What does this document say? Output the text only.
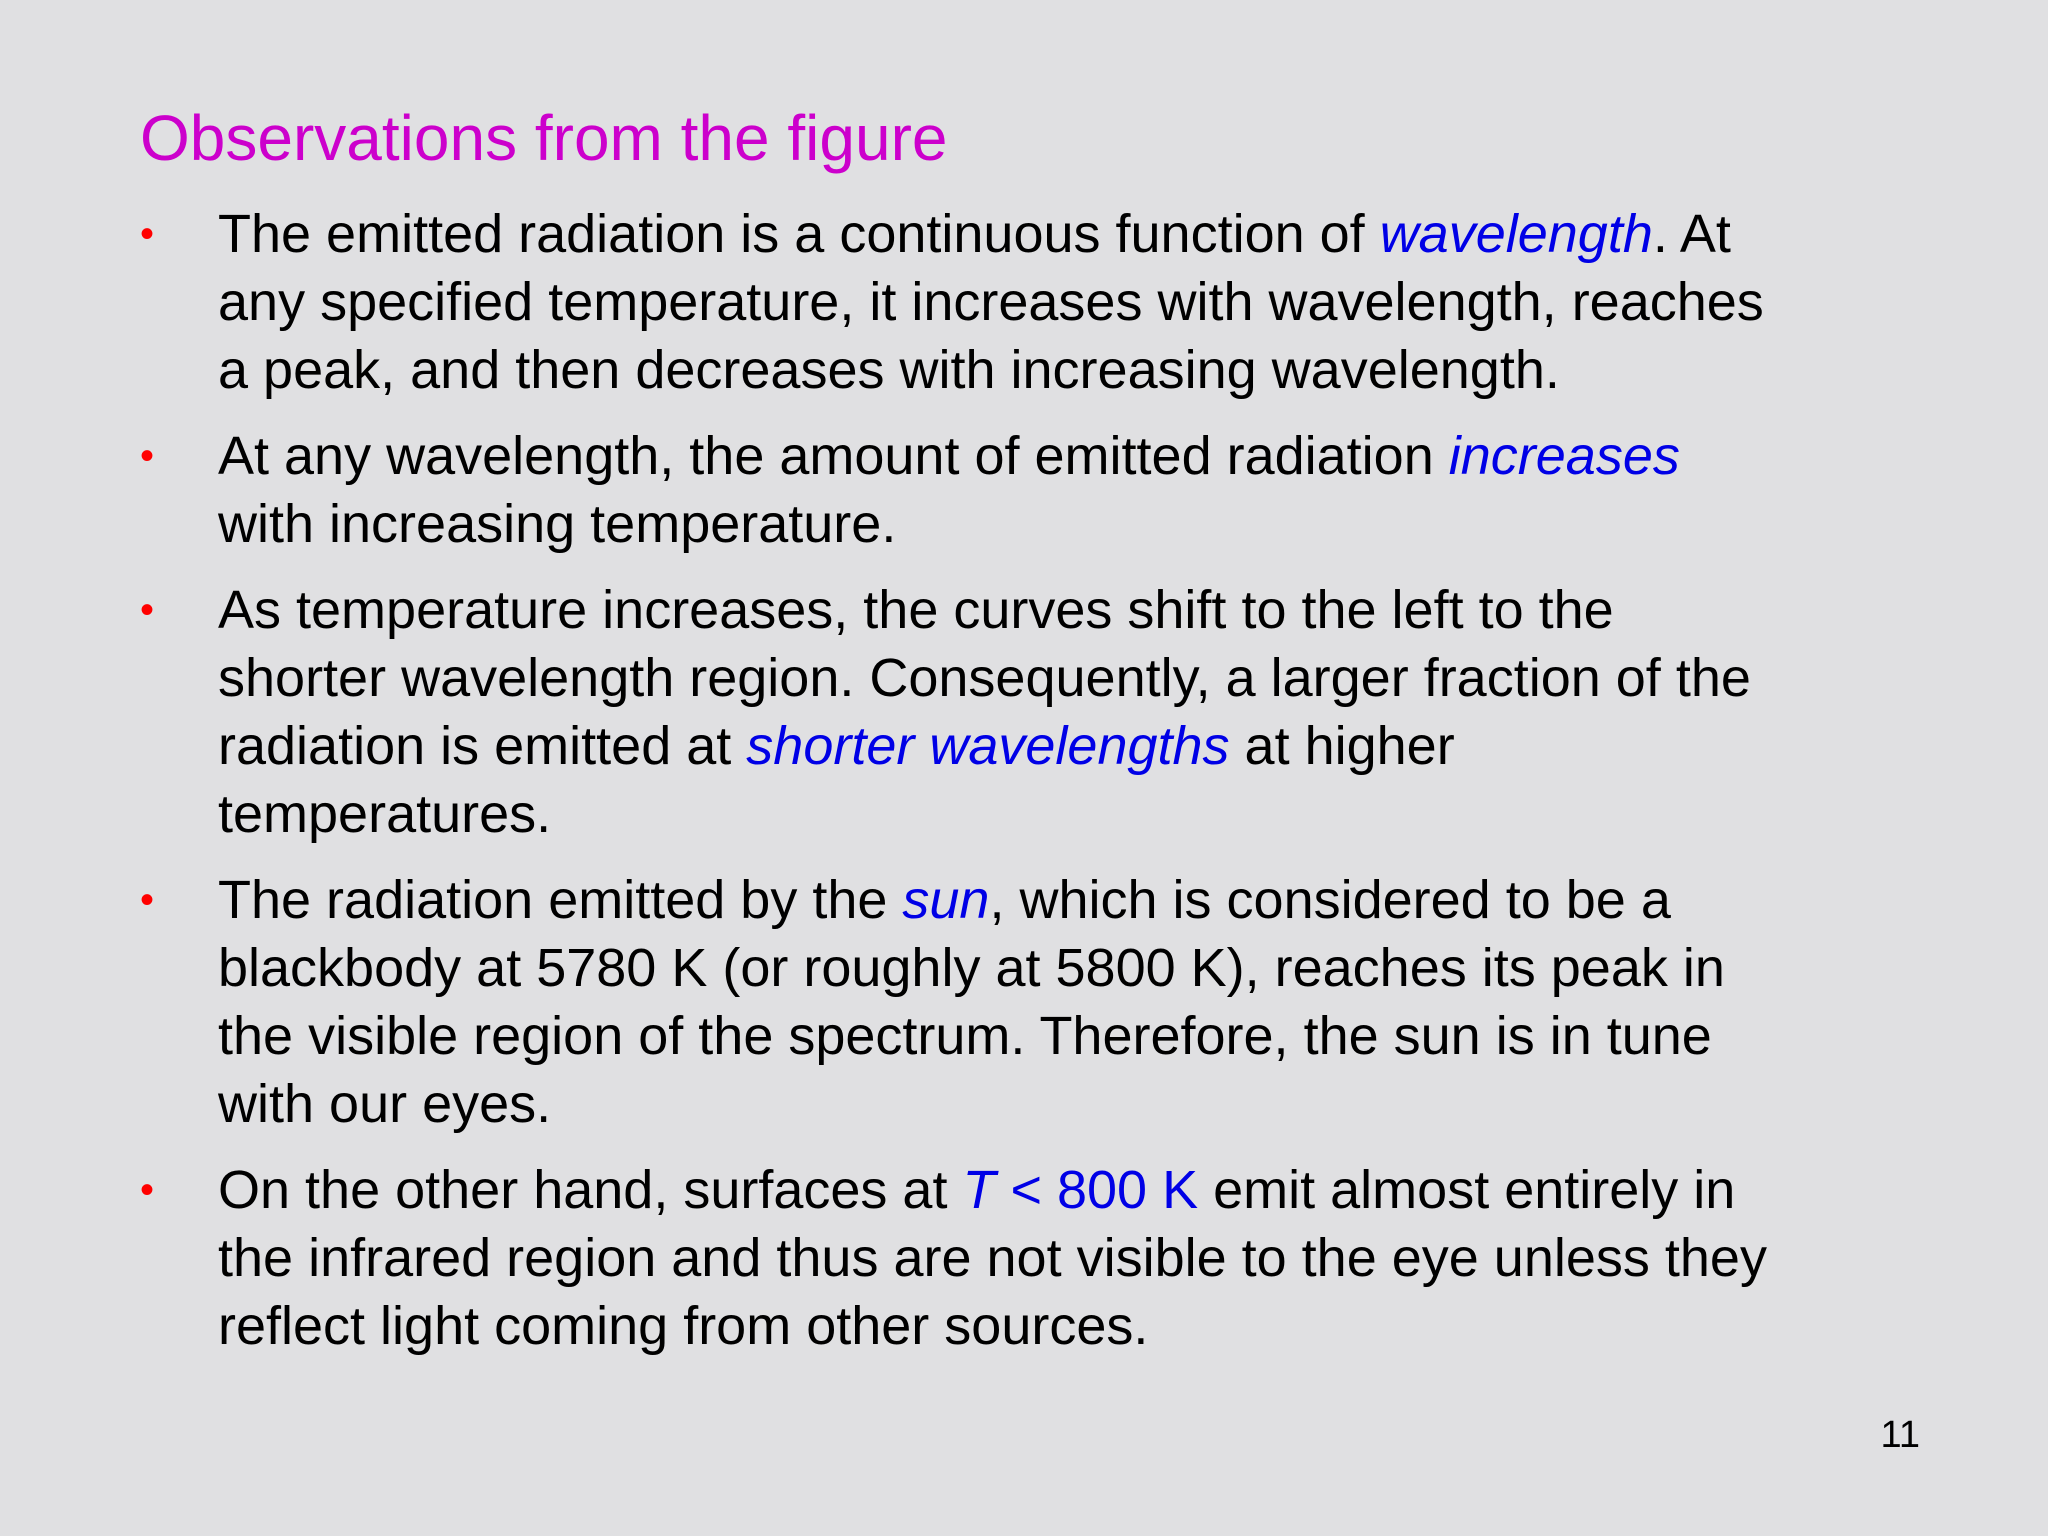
Observations from the figure
• The emitted radiation is a continuous function of wavelength. At any specified temperature, it increases with wavelength, reaches a peak, and then decreases with increasing wavelength.
• At any wavelength, the amount of emitted radiation increases with increasing temperature.
• As temperature increases, the curves shift to the left to the shorter wavelength region. Consequently, a larger fraction of the radiation is emitted at shorter wavelengths at higher temperatures.
• The radiation emitted by the sun, which is considered to be a blackbody at 5780 K (or roughly at 5800 K), reaches its peak in the visible region of the spectrum. Therefore, the sun is in tune with our eyes.
• On the other hand, surfaces at T < 800 K emit almost entirely in the infrared region and thus are not visible to the eye unless they reflect light coming from other sources.
11
